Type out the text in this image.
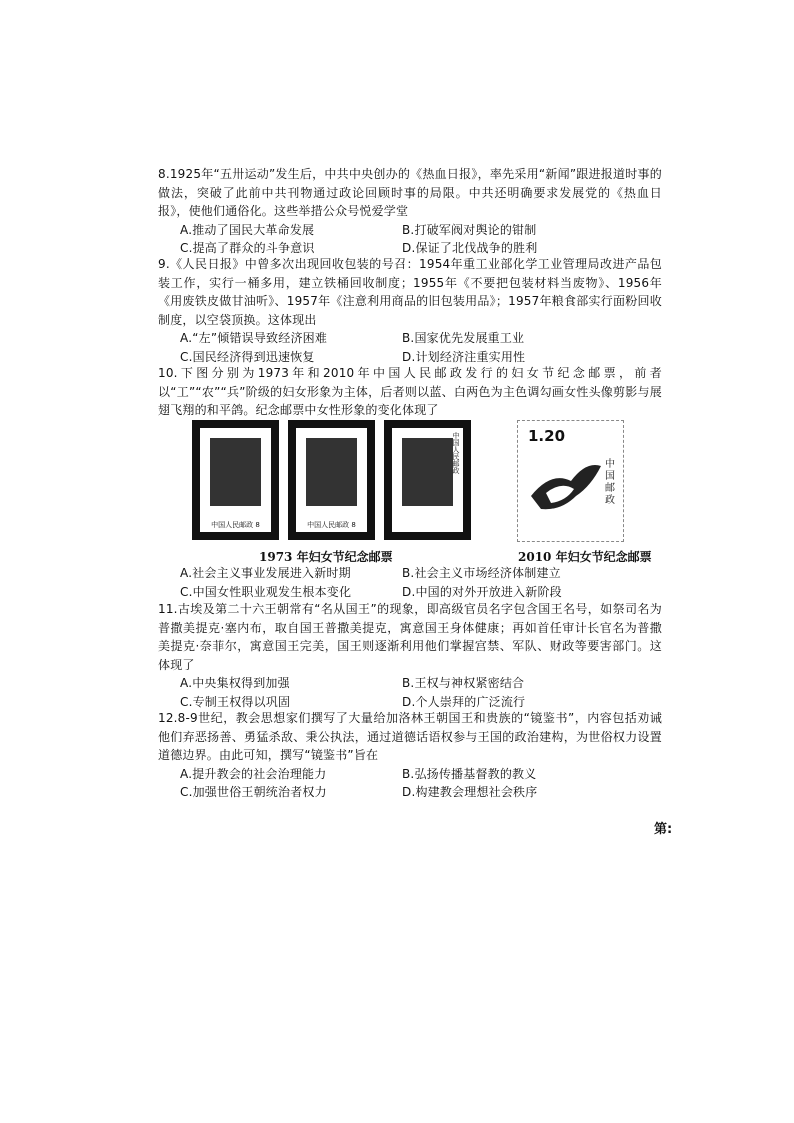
8.1925年“五卅运动”发生后，中共中央创办的《热血日报》，率先采用“新闻”跟进报道时事的做法，突破了此前中共刊物通过政论回顾时事的局限。中共还明确要求发展党的《热血日报》，使他们通俗化。这些举措公众号悦爱学堂

A.推动了国民大革命发展	B.打破军阀对舆论的钳制
C.提高了群众的斗争意识	D.保证了北伐战争的胜利

9.《人民日报》中曾多次出现回收包装的号召：1954年重工业部化学工业管理局改进产品包装工作，实行一桶多用，建立铁桶回收制度；1955年《不要把包装材料当废物》、1956年《用废铁皮做甘油听》、1957年《注意利用商品的旧包装用品》；1957年粮食部实行面粉回收制度，以空袋顶换。这体现出

A.“左”倾错误导致经济困难	B.国家优先发展重工业
C.国民经济得到迅速恢复	D.计划经济注重实用性

10.下图分别为1973年和2010年中国人民邮政发行的妇女节纪念邮票，前者以“工”“农”“兵”阶级的妇女形象为主体，后者则以蓝、白两色为主色调勾画女性头像剪影与展翅飞翔的和平鸽。纪念邮票中女性形象的变化体现了

中国人民邮政 8	中国人民邮政 8
中国人民邮政	1.20
中国邮政
1973 年妇女节纪念邮票	2010 年妇女节纪念邮票
A.社会主义事业发展进入新时期	B.社会主义市场经济体制建立
C.中国女性职业观发生根本变化	D.中国的对外开放进入新阶段

11.古埃及第二十六王朝常有“名从国王”的现象，即高级官员名字包含国王名号，如祭司名为普撒美提克·塞内布，取自国王普撒美提克，寓意国王身体健康；再如首任审计长官名为普撒美提克·奈菲尔，寓意国王完美，国王则逐渐利用他们掌握宫禁、军队、财政等要害部门。这体现了

A.中央集权得到加强	B.王权与神权紧密结合
C.专制王权得以巩固	D.个人崇拜的广泛流行

12.8-9世纪，教会思想家们撰写了大量给加洛林王朝国王和贵族的“镜鉴书”，内容包括劝诫他们弃恶扬善、勇猛杀敌、秉公执法，通过道德话语权参与王国的政治建构，为世俗权力设置道德边界。由此可知，撰写“镜鉴书”旨在

A.提升教会的社会治理能力	B.弘扬传播基督教的教义
C.加强世俗王朝统治者权力	D.构建教会理想社会秩序
第:
